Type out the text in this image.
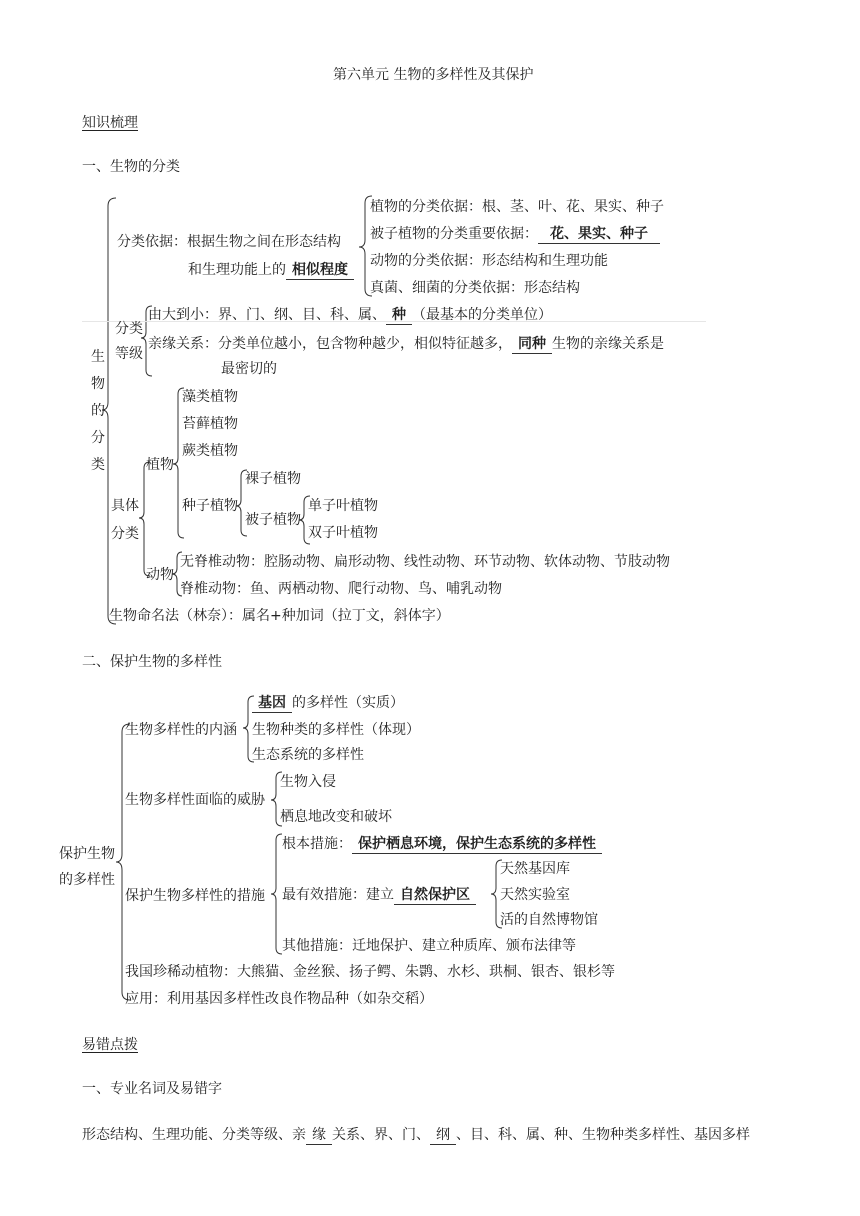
第六单元 生物的多样性及其保护
知识梳理
一、生物的分类
生
物
的
分
类
分类依据：根据生物之间在形态结构
和生理功能上的 相似程度
植物的分类依据：根、茎、叶、花、果实、种子
被子植物的分类重要依据： 花、果实、种子
动物的分类依据：形态结构和生理功能
真菌、细菌的分类依据：形态结构
分类
等级
由大到小：界、门、纲、目、科、属、 种 （最基本的分类单位）
亲缘关系：分类单位越小，包含物种越少，相似特征越多， 同种 生物的亲缘关系是
最密切的
具体
分类
植物
藻类植物
苔藓植物
蕨类植物
种子植物
裸子植物
被子植物
单子叶植物
双子叶植物
动物
无脊椎动物：腔肠动物、扁形动物、线性动物、环节动物、软体动物、节肢动物
脊椎动物：鱼、两栖动物、爬行动物、鸟、哺乳动物
生物命名法（林奈）：属名+种加词（拉丁文，斜体字）
二、保护生物的多样性
保护生物
的多样性
生物多样性的内涵
基因 的多样性（实质）
生物种类的多样性（体现）
生态系统的多样性
生物多样性面临的威胁
生物入侵
栖息地改变和破坏
保护生物多样性的措施
根本措施： 保护栖息环境，保护生态系统的多样性
最有效措施：建立 自然保护区
天然基因库
天然实验室
活的自然博物馆
其他措施：迁地保护、建立种质库、颁布法律等
我国珍稀动植物：大熊猫、金丝猴、扬子鳄、朱鹮、水杉、珙桐、银杏、银杉等
应用：利用基因多样性改良作物品种（如杂交稻）
易错点拨
一、专业名词及易错字
形态结构、生理功能、分类等级、亲 缘 关系、界、门、 纲 、目、科、属、种、生物种类多样性、基因多样
